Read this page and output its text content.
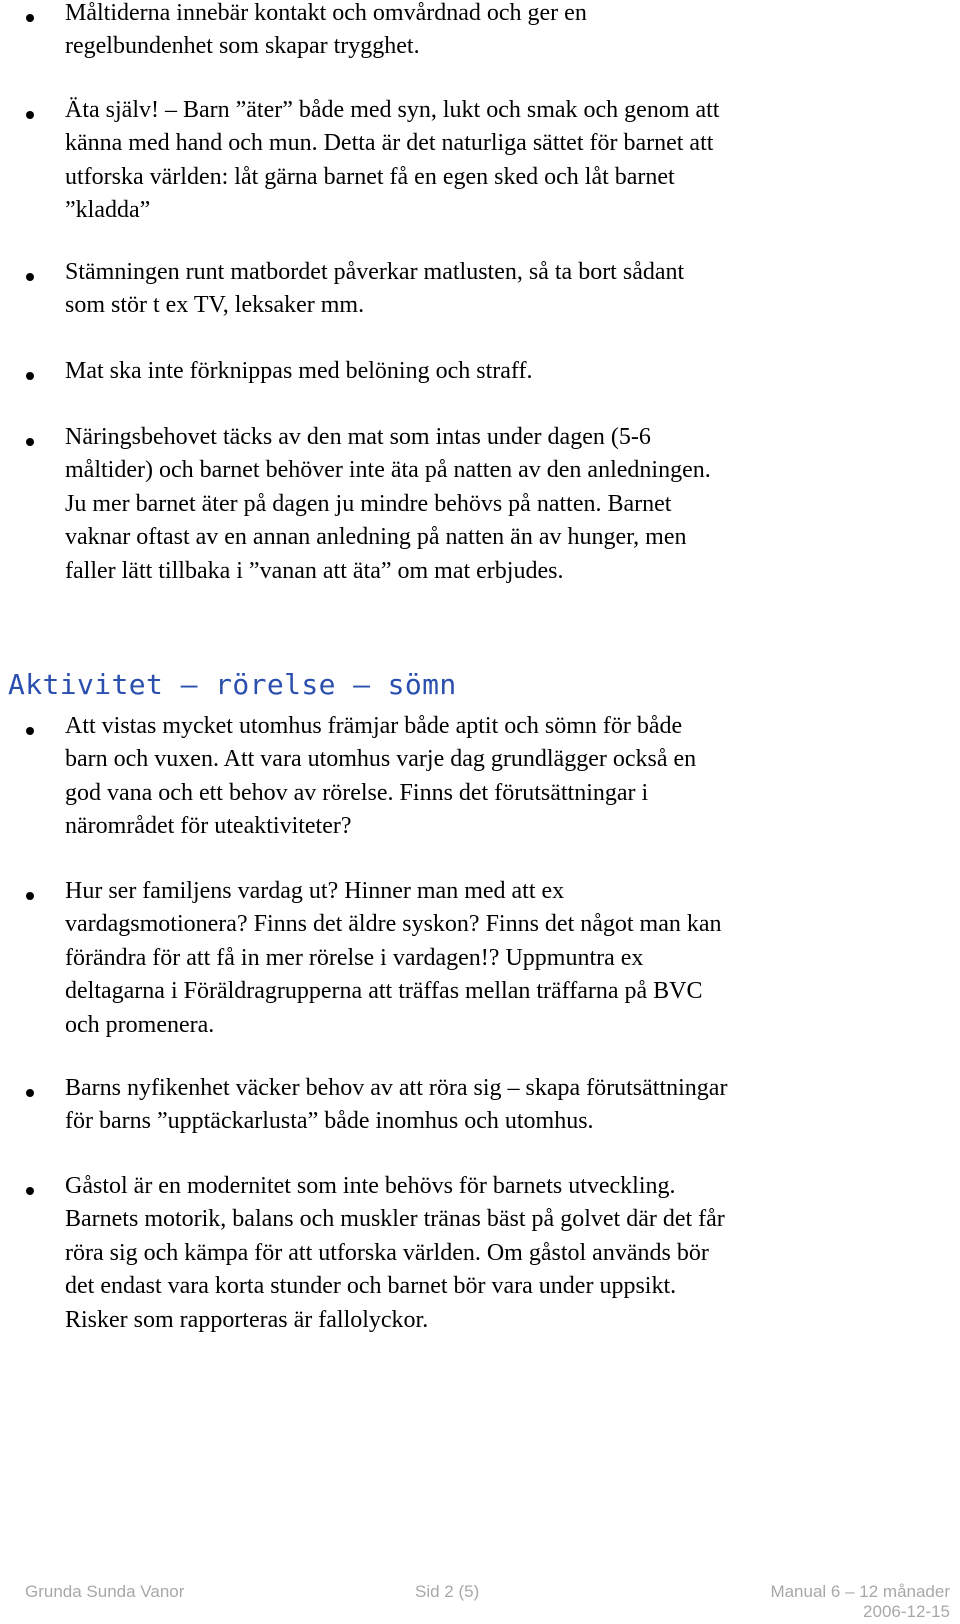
Måltiderna innebär kontakt och omvårdnad och ger en
regelbundenhet som skapar trygghet.
Äta själv! – Barn ”äter” både med syn, lukt och smak och genom att
känna med hand och mun. Detta är det naturliga sättet för barnet att
utforska världen: låt gärna barnet få en egen sked och låt barnet
”kladda”
Stämningen runt matbordet påverkar matlusten, så ta bort sådant
som stör t ex TV, leksaker mm.
Mat ska inte förknippas med belöning och straff.
Näringsbehovet täcks av den mat som intas under dagen (5-6
måltider) och barnet behöver inte äta på natten av den anledningen.
Ju mer barnet äter på dagen ju mindre behövs på natten. Barnet
vaknar oftast av en annan anledning på natten än av hunger, men
faller lätt tillbaka i ”vanan att äta” om mat erbjudes.
Aktivitet – rörelse – sömn
Att vistas mycket utomhus främjar både aptit och sömn för både
barn och vuxen. Att vara utomhus varje dag grundlägger också en
god vana och ett behov av rörelse. Finns det förutsättningar i
närområdet för uteaktiviteter?
Hur ser familjens vardag ut? Hinner man med att ex
vardagsmotionera? Finns det äldre syskon? Finns det något man kan
förändra för att få in mer rörelse i vardagen!? Uppmuntra ex
deltagarna i Föräldragrupperna att träffas mellan träffarna på BVC
och promenera.
Barns nyfikenhet väcker behov av att röra sig – skapa förutsättningar
för barns ”upptäckarlusta” både inomhus och utomhus.
Gåstol är en modernitet som inte behövs för barnets utveckling.
Barnets motorik, balans och muskler tränas bäst på golvet där det får
röra sig och kämpa för att utforska världen. Om gåstol används bör
det endast vara korta stunder och barnet bör vara under uppsikt.
Risker som rapporteras är fallolyckor.
Grunda Sunda Vanor	Sid 2 (5)	Manual 6 – 12 månader
2006-12-15
